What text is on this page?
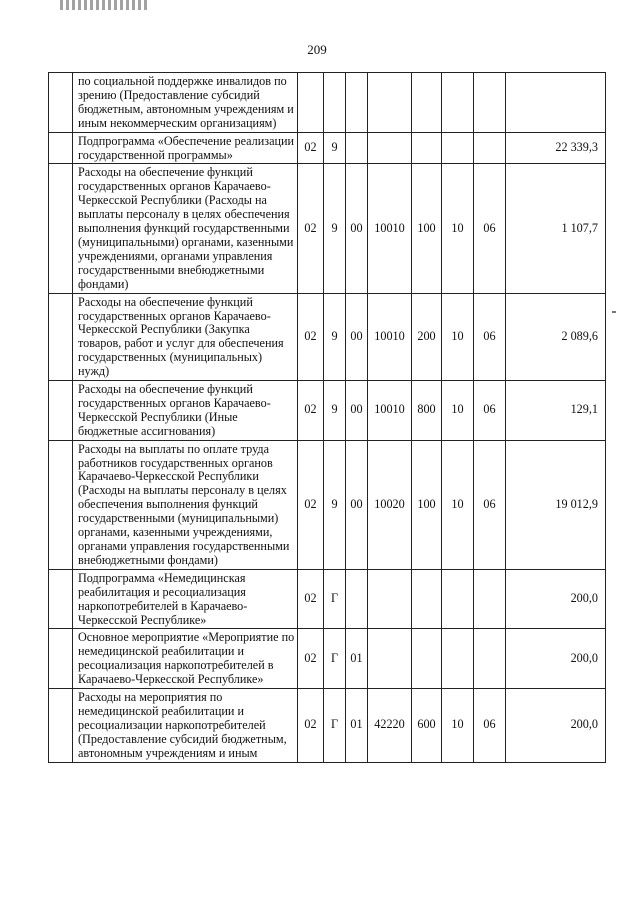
209
	по социальной поддержке инвалидов по зрению (Предоставление субсидий бюджетным, автономным учреждениям и иным некоммерческим организациям)								
	Подпрограмма «Обеспечение реализации государственной программы»	02	9						22 339,3
	Расходы на обеспечение функций государственных органов Карачаево-Черкесской Республики (Расходы на выплаты персоналу в целях обеспечения выполнения функций государственными (муниципальными) органами, казенными учреждениями, органами управления государственными внебюджетными фондами)	02	9	00	10010	100	10	06	1 107,7
	Расходы на обеспечение функций государственных органов Карачаево-Черкесской Республики (Закупка товаров, работ и услуг для обеспечения государственных (муниципальных) нужд)	02	9	00	10010	200	10	06	2 089,6
	Расходы на обеспечение функций государственных органов Карачаево-Черкесской Республики (Иные бюджетные ассигнования)	02	9	00	10010	800	10	06	129,1
	Расходы на выплаты по оплате труда работников государственных органов Карачаево-Черкесской Республики (Расходы на выплаты персоналу в целях обеспечения выполнения функций государственными (муниципальными) органами, казенными учреждениями, органами управления государственными внебюджетными фондами)	02	9	00	10020	100	10	06	19 012,9
	Подпрограмма «Немедицинская реабилитация и ресоциализация наркопотребителей в Карачаево-Черкесской Республике»	02	Г						200,0
	Основное мероприятие «Мероприятие по немедицинской реабилитации и ресоциализация наркопотребителей в Карачаево-Черкесской Республике»	02	Г	01					200,0
	Расходы на мероприятия по немедицинской реабилитации и ресоциализации наркопотребителей (Предоставление субсидий бюджетным, автономным учреждениям и иным	02	Г	01	42220	600	10	06	200,0
